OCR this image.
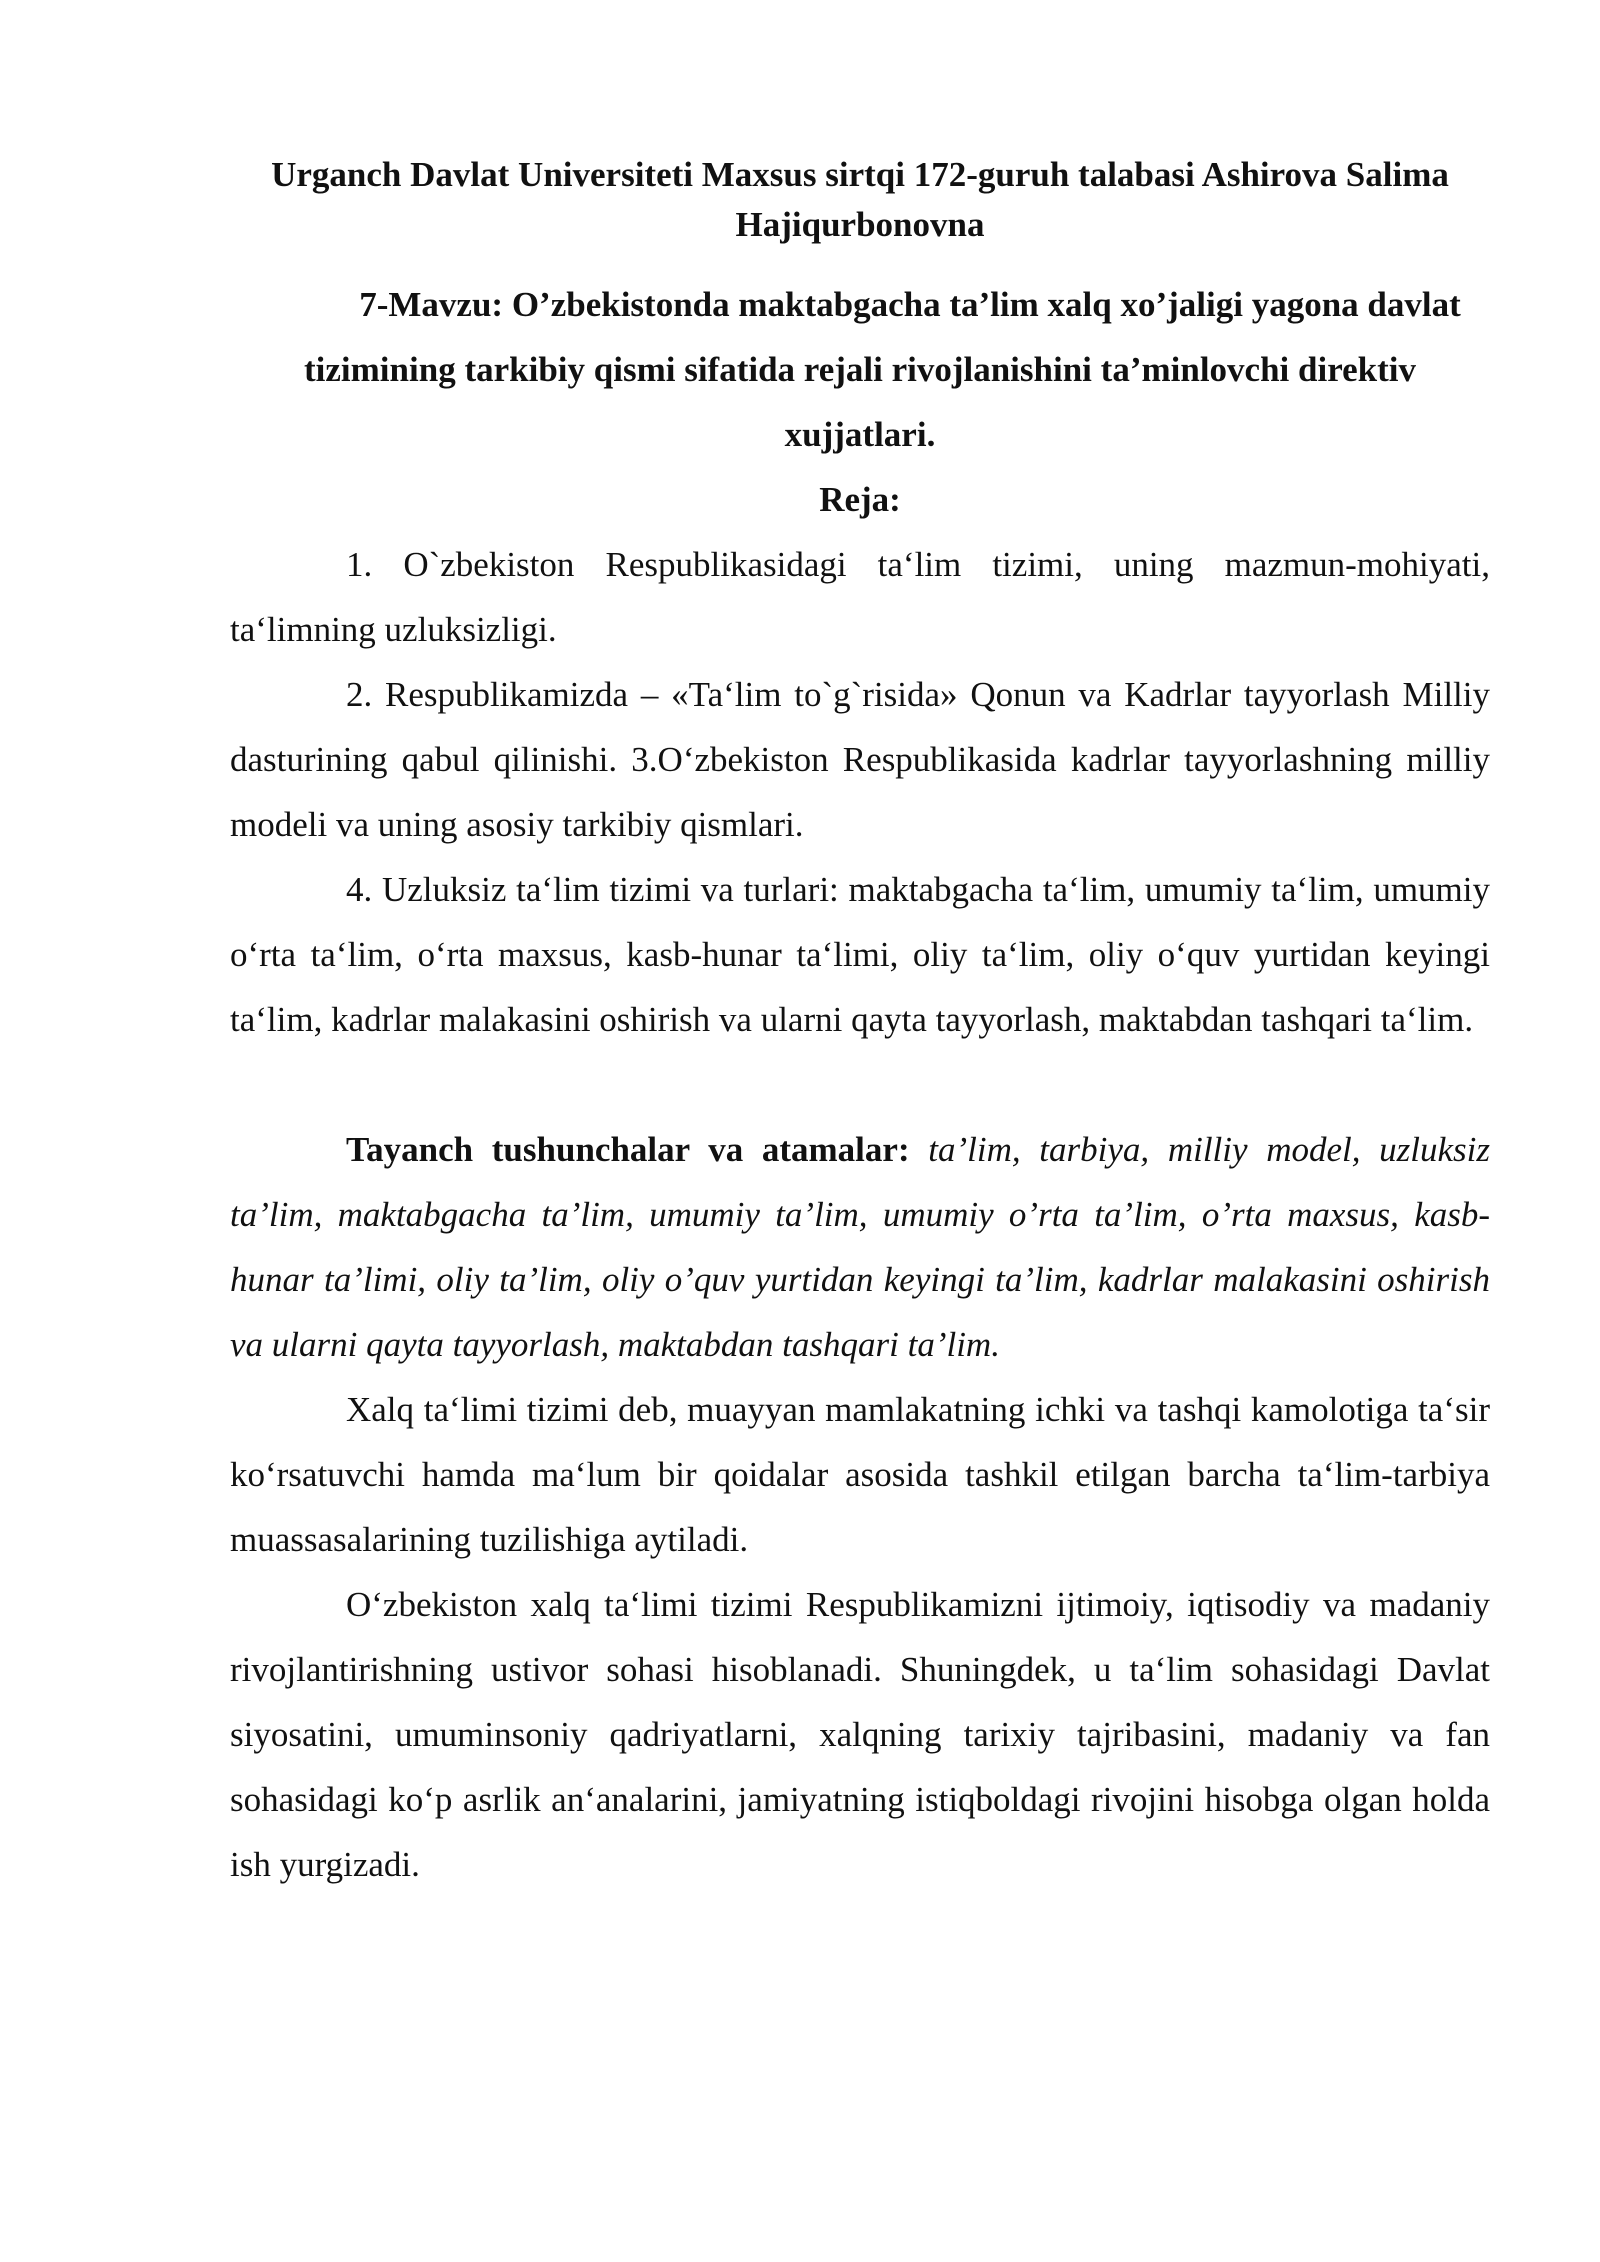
Urganch Davlat Universiteti Maxsus sirtqi 172-guruh talabasi Ashirova Salima Hajiqurbonovna

7-Mavzu: O’zbekistonda maktabgacha ta’lim xalq xo’jaligi yagona davlat tizimining tarkibiy qismi sifatida rejali rivojlanishini ta’minlovchi direktiv xujjatlari.

Reja:

1. O`zbekiston Respublikasidagi ta‘lim tizimi, uning mazmun-mohiyati, ta‘limning uzluksizligi.

2. Respublikamizda – «Ta‘lim to`g`risida» Qonun va Kadrlar tayyorlash Milliy dasturining qabul qilinishi. 3.O‘zbekiston Respublikasida kadrlar tayyorlashning milliy modeli va uning asosiy tarkibiy qismlari.

4. Uzluksiz ta‘lim tizimi va turlari: maktabgacha ta‘lim, umumiy ta‘lim, umumiy o‘rta ta‘lim, o‘rta maxsus, kasb-hunar ta‘limi, oliy ta‘lim, oliy o‘quv yurtidan keyingi ta‘lim, kadrlar malakasini oshirish va ularni qayta tayyorlash, maktabdan tashqari ta‘lim.

Tayanch tushunchalar va atamalar: ta’lim, tarbiya, milliy model, uzluksiz ta’lim, maktabgacha ta’lim, umumiy ta’lim, umumiy o’rta ta’lim, o’rta maxsus, kasb-hunar ta’limi, oliy ta’lim, oliy o’quv yurtidan keyingi ta’lim, kadrlar malakasini oshirish va ularni qayta tayyorlash, maktabdan tashqari ta’lim.

Xalq ta‘limi tizimi deb, muayyan mamlakatning ichki va tashqi kamolotiga ta‘sir ko‘rsatuvchi hamda ma‘lum bir qoidalar asosida tashkil etilgan barcha ta‘lim-tarbiya muassasalarining tuzilishiga aytiladi.

O‘zbekiston xalq ta‘limi tizimi Respublikamizni ijtimoiy, iqtisodiy va madaniy rivojlantirishning ustivor sohasi hisoblanadi. Shuningdek, u ta‘lim sohasidagi Davlat siyosatini, umuminsoniy qadriyatlarni, xalqning tarixiy tajribasini, madaniy va fan sohasidagi ko‘p asrlik an‘analarini, jamiyatning istiqboldagi rivojini hisobga olgan holda ish yurgizadi.
